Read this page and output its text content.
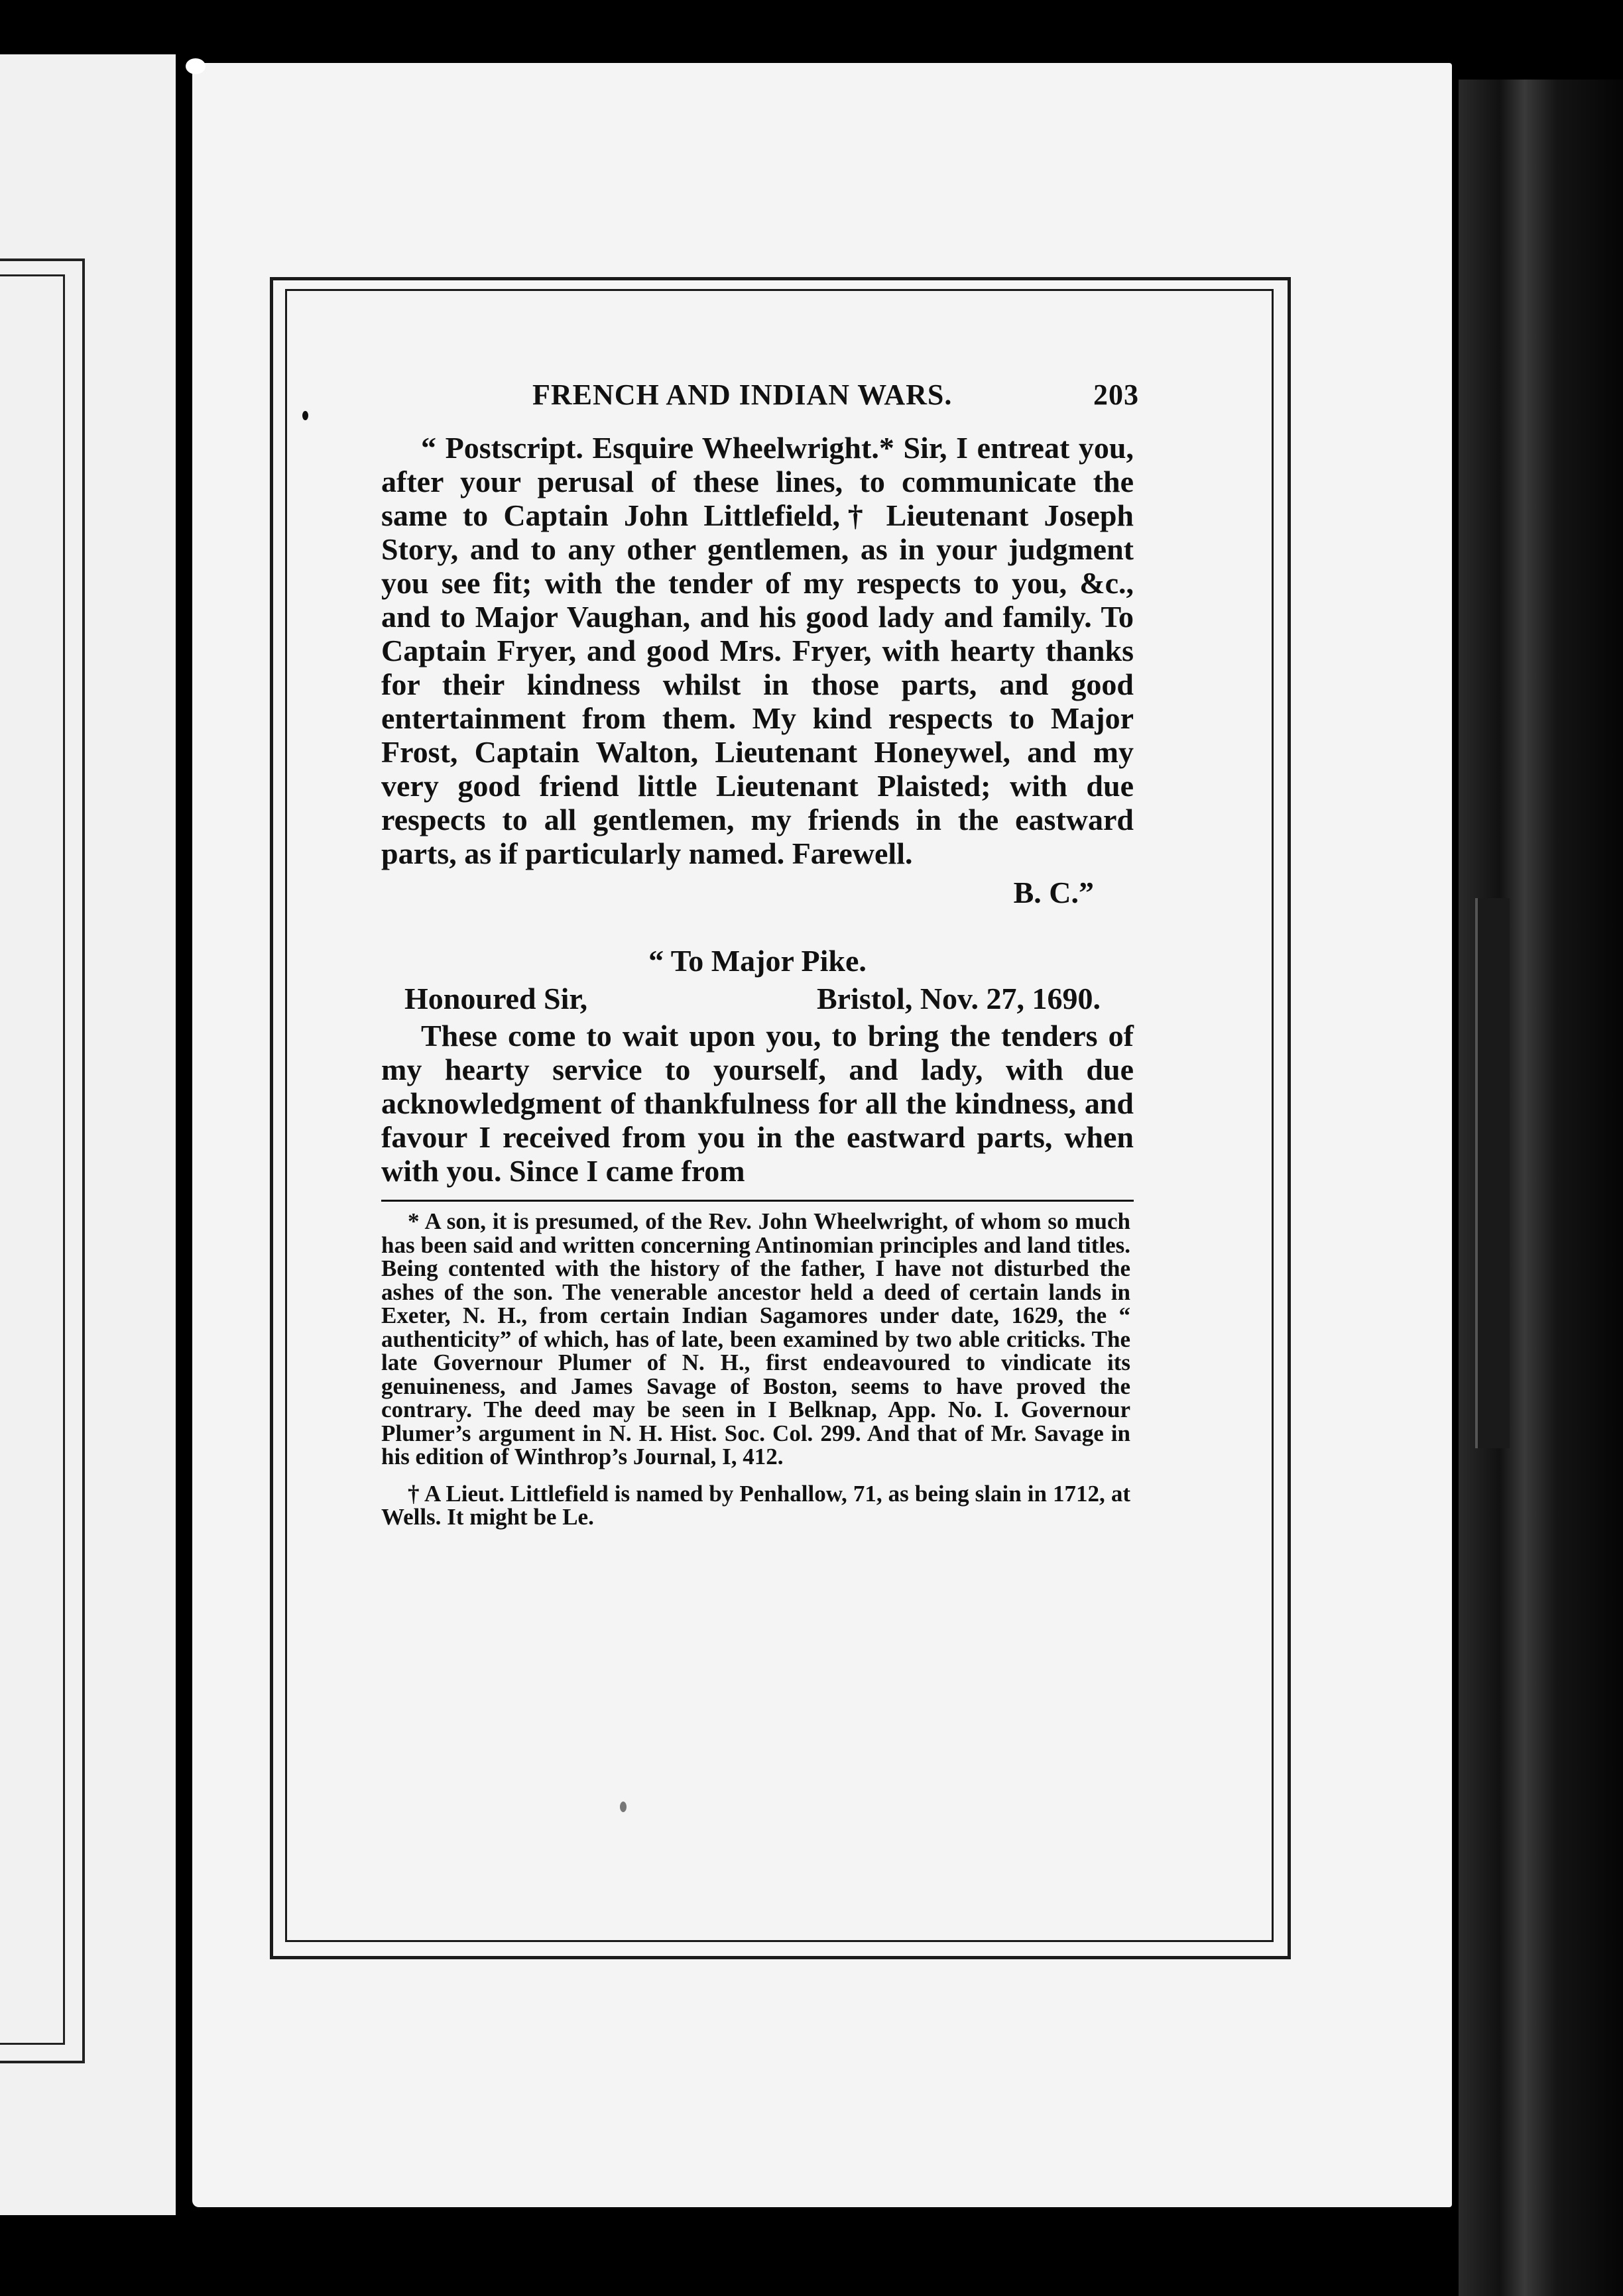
FRENCH AND INDIAN WARS.	203

“ Postscript. Esquire Wheelwright.* Sir, I entreat you, after your perusal of these lines, to communicate the same to Captain John Littlefield,† Lieutenant Joseph Story, and to any other gentlemen, as in your judgment you see fit; with the tender of my respects to you, &c., and to Major Vaughan, and his good lady and family. To Captain Fryer, and good Mrs. Fryer, with hearty thanks for their kindness whilst in those parts, and good entertainment from them. My kind respects to Major Frost, Captain Walton, Lieutenant Honeywel, and my very good friend little Lieutenant Plaisted; with due respects to all gentlemen, my friends in the eastward parts, as if particularly named. Farewell.

B. C.”

“ To Major Pike.

Honoured Sir,	Bristol, Nov. 27, 1690.

These come to wait upon you, to bring the tenders of my hearty service to yourself, and lady, with due acknowledgment of thankfulness for all the kindness, and favour I received from you in the eastward parts, when with you. Since I came from

* A son, it is presumed, of the Rev. John Wheelwright, of whom so much has been said and written concerning Antinomian principles and land titles. Being contented with the history of the father, I have not disturbed the ashes of the son. The venerable ancestor held a deed of certain lands in Exeter, N. H., from certain Indian Sagamores under date, 1629, the “ authenticity” of which, has of late, been examined by two able criticks. The late Governour Plumer of N. H., first endeavoured to vindicate its genuineness, and James Savage of Boston, seems to have proved the contrary. The deed may be seen in I Belknap, App. No. I. Governour Plumer’s argument in N. H. Hist. Soc. Col. 299. And that of Mr. Savage in his edition of Winthrop’s Journal, I, 412.

† A Lieut. Littlefield is named by Penhallow, 71, as being slain in 1712, at Wells. It might be Le.
